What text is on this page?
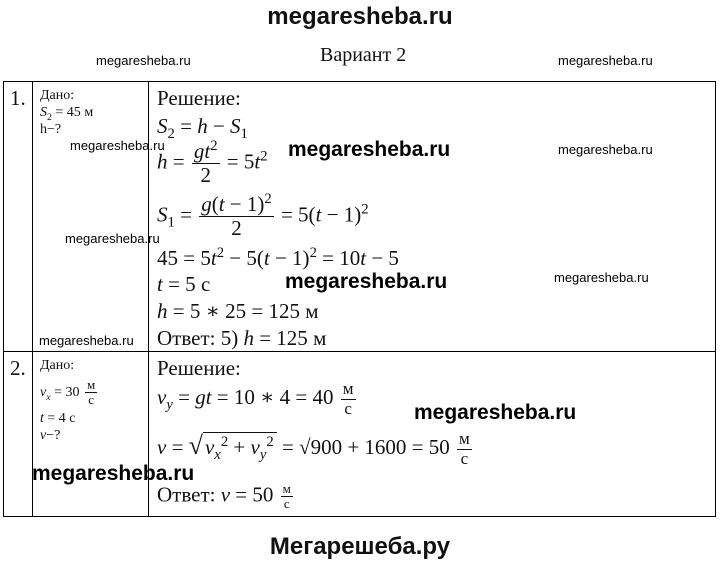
megaresheba.ru
Вариант 2
1. Дано:
$S_2 = 45$ м
h−?
Решение:
$S_2 = h - S_1$
$h = \frac{gt^2}{2} = 5t^2$
$S_1 = \frac{g(t - 1)^2}{2} = 5(t - 1)^2$
$45 = 5t^2 - 5(t - 1)^2 = 10t - 5$
t = 5 с
h = 5 ∗ 25 = 125 м
Ответ: 5) h = 125 м
2. Дано:
$v_x = 30 \frac{м}{с}$
t = 4 с
v−?
Решение:
$v_y$ = gt = 10 ∗ $4 = 40 \frac{м}{с}$
$v = √v_x^2 + v_y^2 = √900 + 1600 = 50 \frac{м}{с}$
Ответ: $v = 50 \frac{м}{с}$
megaresheba.ru	megaresheba.ru
megaresheba.ru	megaresheba.ru	megaresheba.ru
megaresheba.ru
megaresheba.ru	megaresheba.ru
megaresheba.ru
megaresheba.ru
megaresheba.ru
Мегарешеба.ру
